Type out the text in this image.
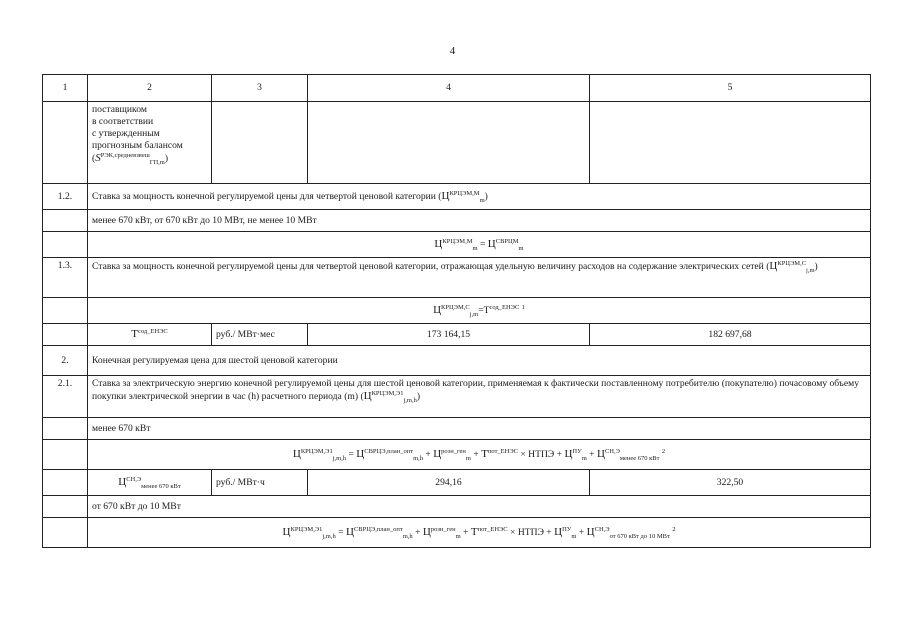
4
1	2	3	4	5

	поставщиком
в соответствии
с утвержденным
прогнозным балансом
$(S^{РЭК,средневзвеш}_{ГП,m})$			

1.2.	Ставка за мощность конечной регулируемой цены для четвертой ценовой категории $(Ц^{КРЦЭМ,М}_m)$			
	менее 670 кВт, от 670 кВт до 10 МВт, не менее 10 МВт			
	$Ц^{КРЦЭМ,М}_m = Ц^{СВРЦМ}_m$
1.3.	Ставка за мощность конечной регулируемой цены для четвертой ценовой категории, отражающая удельную величину расходов на содержание электрических сетей $(Ц^{КРЦЭМ,С}_{j,m})$			
	$Ц^{КРЦЭМ,С}_{j,m}=Т^{сод\_ЕНЭС}$ $^1$
	$Т^{сод\_ЕНЭС}$	руб./ МВт·мес	173 164,15	182 697,68
2.	Конечная регулируемая цена для шестой ценовой категории			
2.1.	Ставка за электрическую энергию конечной регулируемой цены для шестой ценовой категории, применяемая к фактически поставленному потребителю (покупателю) почасовому объему покупки электрической энергии в час (h) расчетного периода (m) $(Ц^{КРЦЭМ,Э1}_{j,m,h})$			
	менее 670 кВт			
	$Ц^{КРЦЭМ,Э1}_{j,m,h} = Ц^{СВРЦЭ,план\_опт}_{m,h} + Ц^{розн\_ген}_m + Т^{пот\_ЕНЭС}$ × НТПЭ + $Ц^{ПУ}_m + Ц^{СН,Э}_{менее 670 кВт}$ $^2$
	$Ц^{СН,Э}_{менее 670 кВт}$	руб./ МВт·ч	294,16	322,50
	от 670 кВт до 10 МВт			
	$Ц^{КРЦЭМ,Э1}_{j,m,h} = Ц^{СВРЦЭ,план\_опт}_{m,h} + Ц^{розн\_ген}_m + Т^{пот\_ЕНЭС}$ × НТПЭ + $Ц^{ПУ}_m + Ц^{СН,Э}_{от 670 кВт до 10 МВт}$ $^2$
